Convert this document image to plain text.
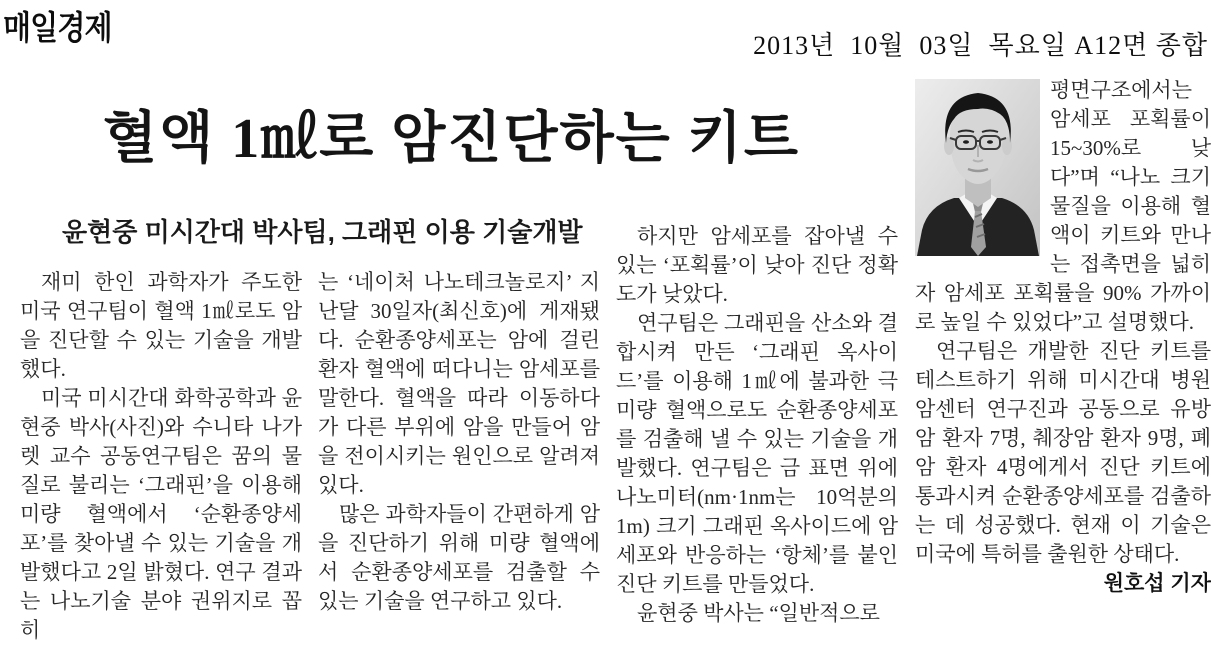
매일경제	2013년  10월  03일  목요일 A12면 종합
혈액 1㎖로 암진단하는 키트
윤현중 미시간대 박사팀, 그래핀 이용 기술개발

재미 한인 과학자가 주도한 미국 연구팀이 혈액 1㎖로도 암을 진단할 수 있는 기술을 개발했다.

미국 미시간대 화학공학과 윤현중 박사(사진)와 수니타 나가렛 교수 공동연구팀은 꿈의 물질로 불리는 ‘그래핀’을 이용해 미량 혈액에서 ‘순환종양세포’를 찾아낼 수 있는 기술을 개발했다고 2일 밝혔다. 연구 결과는 나노기술 분야 권위지로 꼽히

는 ‘네이처 나노테크놀로지’ 지난달 30일자(최신호)에 게재됐다. 순환종양세포는 암에 걸린 환자 혈액에 떠다니는 암세포를 말한다. 혈액을 따라 이동하다가 다른 부위에 암을 만들어 암을 전이시키는 원인으로 알려져 있다.

많은 과학자들이 간편하게 암을 진단하기 위해 미량 혈액에서 순환종양세포를 검출할 수 있는 기술을 연구하고 있다.

하지만 암세포를 잡아낼 수 있는 ‘포획률’이 낮아 진단 정확도가 낮았다.

연구팀은 그래핀을 산소와 결합시켜 만든 ‘그래핀 옥사이드’를 이용해 1㎖에 불과한 극미량 혈액으로도 순환종양세포를 검출해 낼 수 있는 기술을 개발했다. 연구팀은 금 표면 위에 나노미터(nm·1nm는 10억분의 1m) 크기 그래핀 옥사이드에 암세포와 반응하는 ‘항체’를 붙인 진단 키트를 만들었다.

윤현중 박사는 “일반적으로

평면구조에서는 암세포 포획률이 15~30%로 낮다”며 “나노 크기 물질을 이용해 혈액이 키트와 만나는 접촉면을 넓히자 암세포 포획률을 90% 가까이로 높일 수 있었다”고 설명했다.

연구팀은 개발한 진단 키트를 테스트하기 위해 미시간대 병원 암센터 연구진과 공동으로 유방암 환자 7명, 췌장암 환자 9명, 폐암 환자 4명에게서 진단 키트에 통과시켜 순환종양세포를 검출하는 데 성공했다. 현재 이 기술은 미국에 특허를 출원한 상태다.
원호섭 기자
